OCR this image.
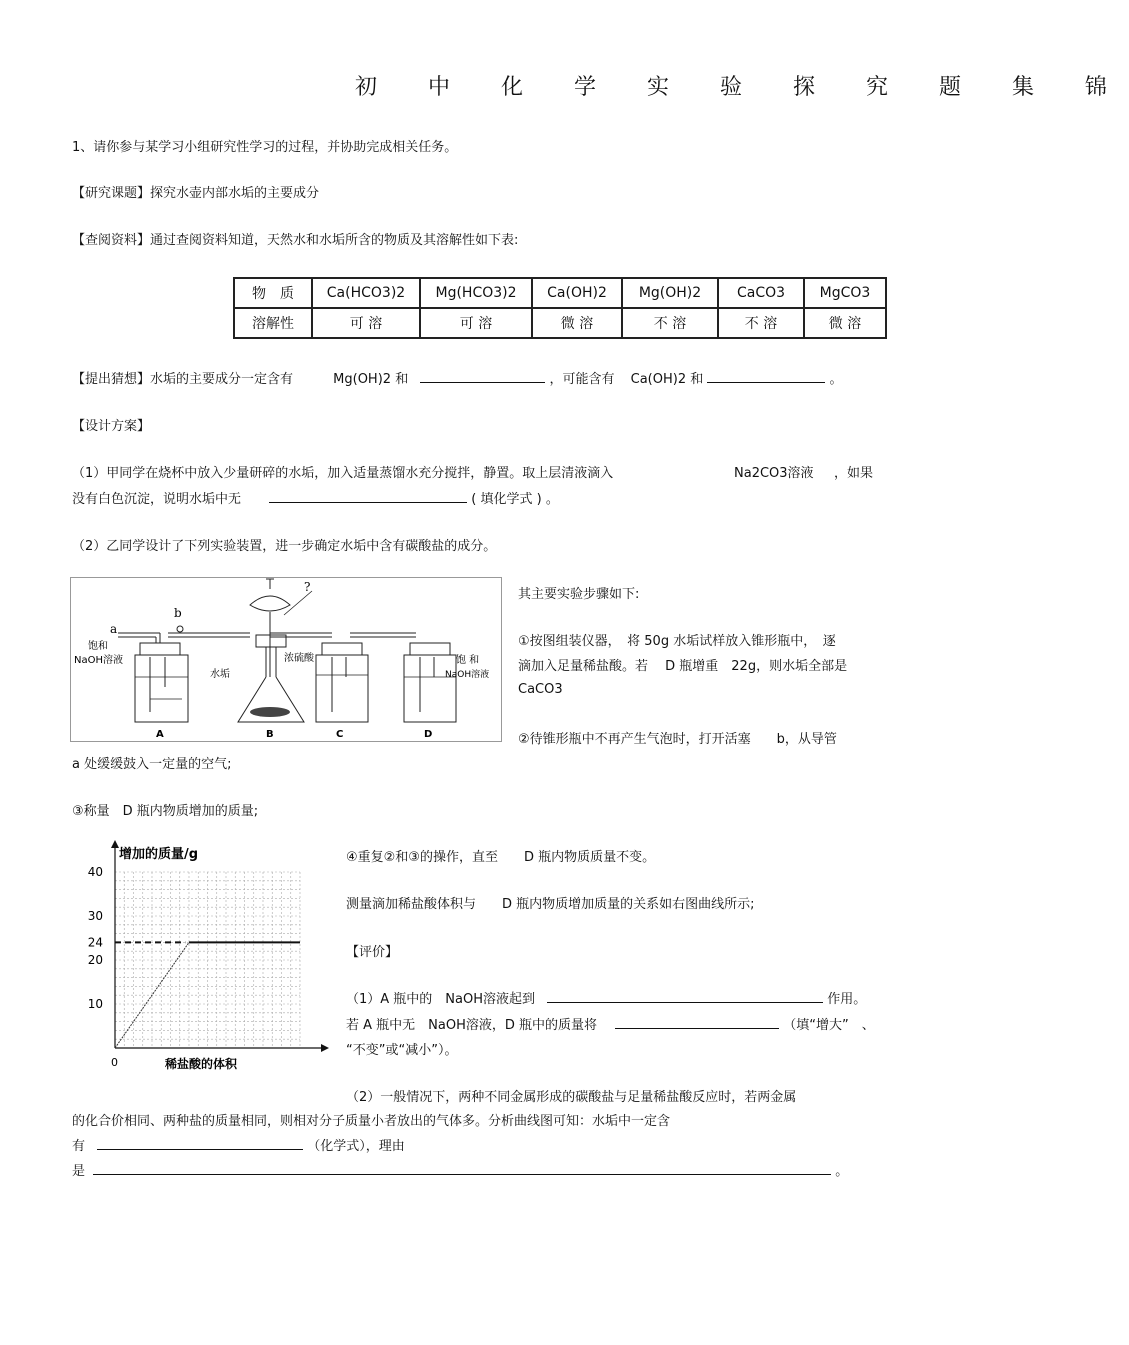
初 中 化 学 实 验 探 究 题 集 锦
1、请你参与某学习小组研究性学习的过程，并协助完成相关任务。
【研究课题】探究水壶内部水垢的主要成分
【查阅资料】通过查阅资料知道，天然水和水垢所含的物质及其溶解性如下表:
物　质	Ca(HCO3)2	Mg(HCO3)2	Ca(OH)2	Mg(OH)2	CaCO3	MgCO3
溶解性	可 溶	可 溶	微 溶	不 溶	不 溶	微 溶
【提出猜想】水垢的主要成分一定含有	Mg(OH)2 和	，可能含有 Ca(OH)2 和	。
【设计方案】
（1）甲同学在烧杯中放入少量研碎的水垢，加入适量蒸馏水充分搅拌，静置。取上层清液滴入	Na2CO3溶液 ，如果
没有白色沉淀，说明水垢中无	( 填化学式 ) 。
（2）乙同学设计了下列实验装置，进一步确定水垢中含有碳酸盐的成分。
a
b
?
饱和
NaOH溶液
水垢
浓硫酸	饱 和
NaOH溶液
A	B	C	D
其主要实验步骤如下:
①按图组装仪器，　将 50g 水垢试样放入锥形瓶中，　逐
滴加入足量稀盐酸。若　 D 瓶增重　22g，则水垢全部是
CaCO3
②待锥形瓶中不再产生气泡时，打开活塞　　b，从导管
a 处缓缓鼓入一定量的空气;
③称量　D 瓶内物质增加的质量;
10
20
24
30
40
增加的质量/g
稀盐酸的体积
0
④重复②和③的操作，直至　　D 瓶内物质质量不变。
测量滴加稀盐酸体积与　　D 瓶内物质增加质量的关系如右图曲线所示;
【评价】
（1）A 瓶中的　NaOH溶液起到	作用。
若 A 瓶中无　NaOH溶液，D 瓶中的质量将	（填“增大”　、
“不变”或“减小”）。
（2）一般情况下，两种不同金属形成的碳酸盐与足量稀盐酸反应时，若两金属
的化合价相同、两种盐的质量相同，则相对分子质量小者放出的气体多。分析曲线图可知：水垢中一定含
有	（化学式），理由
是	。
